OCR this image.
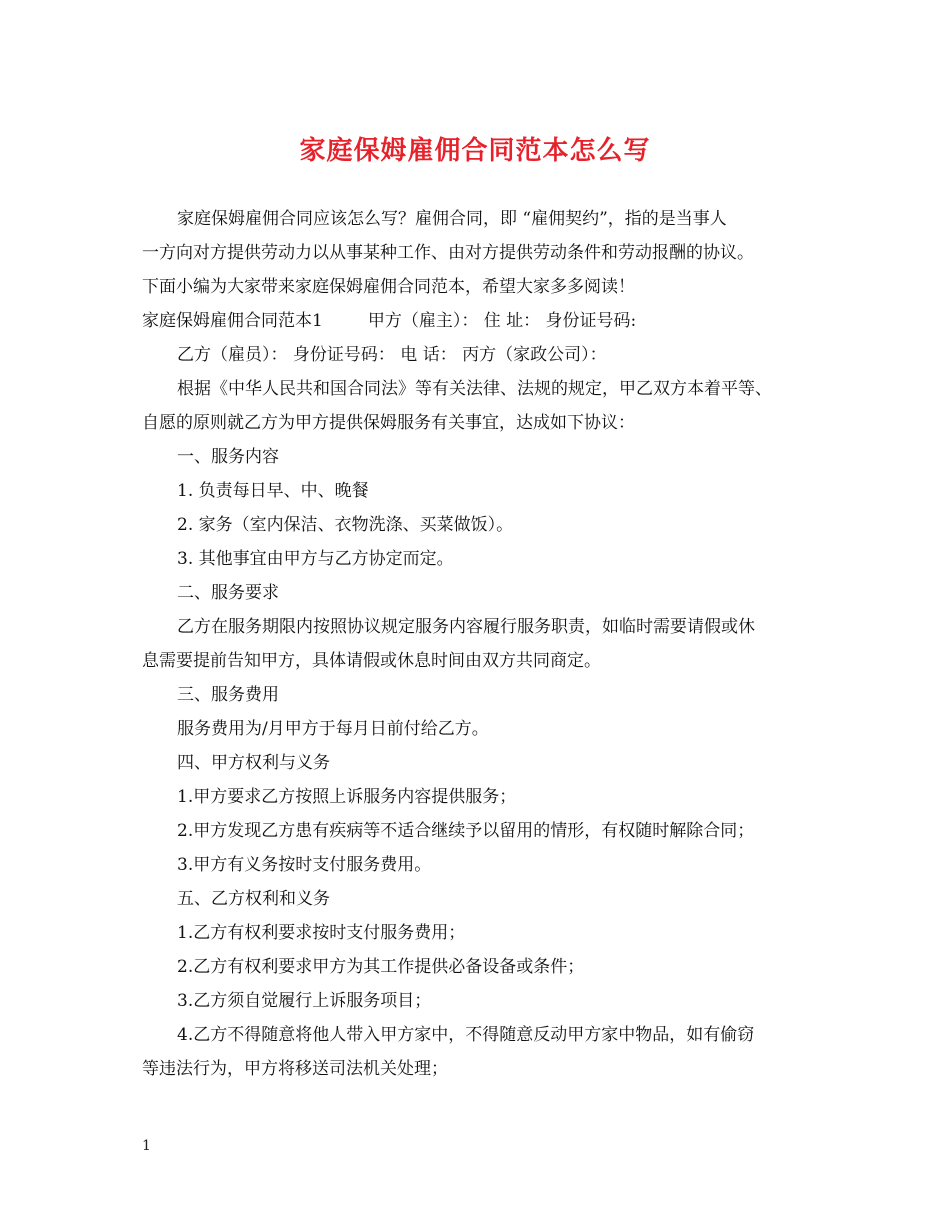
家庭保姆雇佣合同范本怎么写
家庭保姆雇佣合同应该怎么写？雇佣合同，即 “雇佣契约”，指的是当事人
一方向对方提供劳动力以从事某种工作、由对方提供劳动条件和劳动报酬的协议。
下面小编为大家带来家庭保姆雇佣合同范本，希望大家多多阅读！
家庭保姆雇佣合同范本1	甲方（雇主）： 住 址： 身份证号码:
乙方（雇员）： 身份证号码： 电 话： 丙方（家政公司）：
根据《中华人民共和国合同法》等有关法律、法规的规定，甲乙双方本着平等、
自愿的原则就乙方为甲方提供保姆服务有关事宜，达成如下协议：
一、服务内容
1. 负责每日早、中、晚餐
2. 家务（室内保洁、衣物洗涤、买菜做饭）。
3. 其他事宜由甲方与乙方协定而定。
二、服务要求
乙方在服务期限内按照协议规定服务内容履行服务职责，如临时需要请假或休
息需要提前告知甲方，具体请假或休息时间由双方共同商定。
三、服务费用
服务费用为/月甲方于每月日前付给乙方。
四、甲方权利与义务
1.甲方要求乙方按照上诉服务内容提供服务；
2.甲方发现乙方患有疾病等不适合继续予以留用的情形，有权随时解除合同；
3.甲方有义务按时支付服务费用。
五、乙方权利和义务
1.乙方有权利要求按时支付服务费用；
2.乙方有权利要求甲方为其工作提供必备设备或条件；
3.乙方须自觉履行上诉服务项目；
4.乙方不得随意将他人带入甲方家中，不得随意反动甲方家中物品，如有偷窃
等违法行为，甲方将移送司法机关处理；
1
